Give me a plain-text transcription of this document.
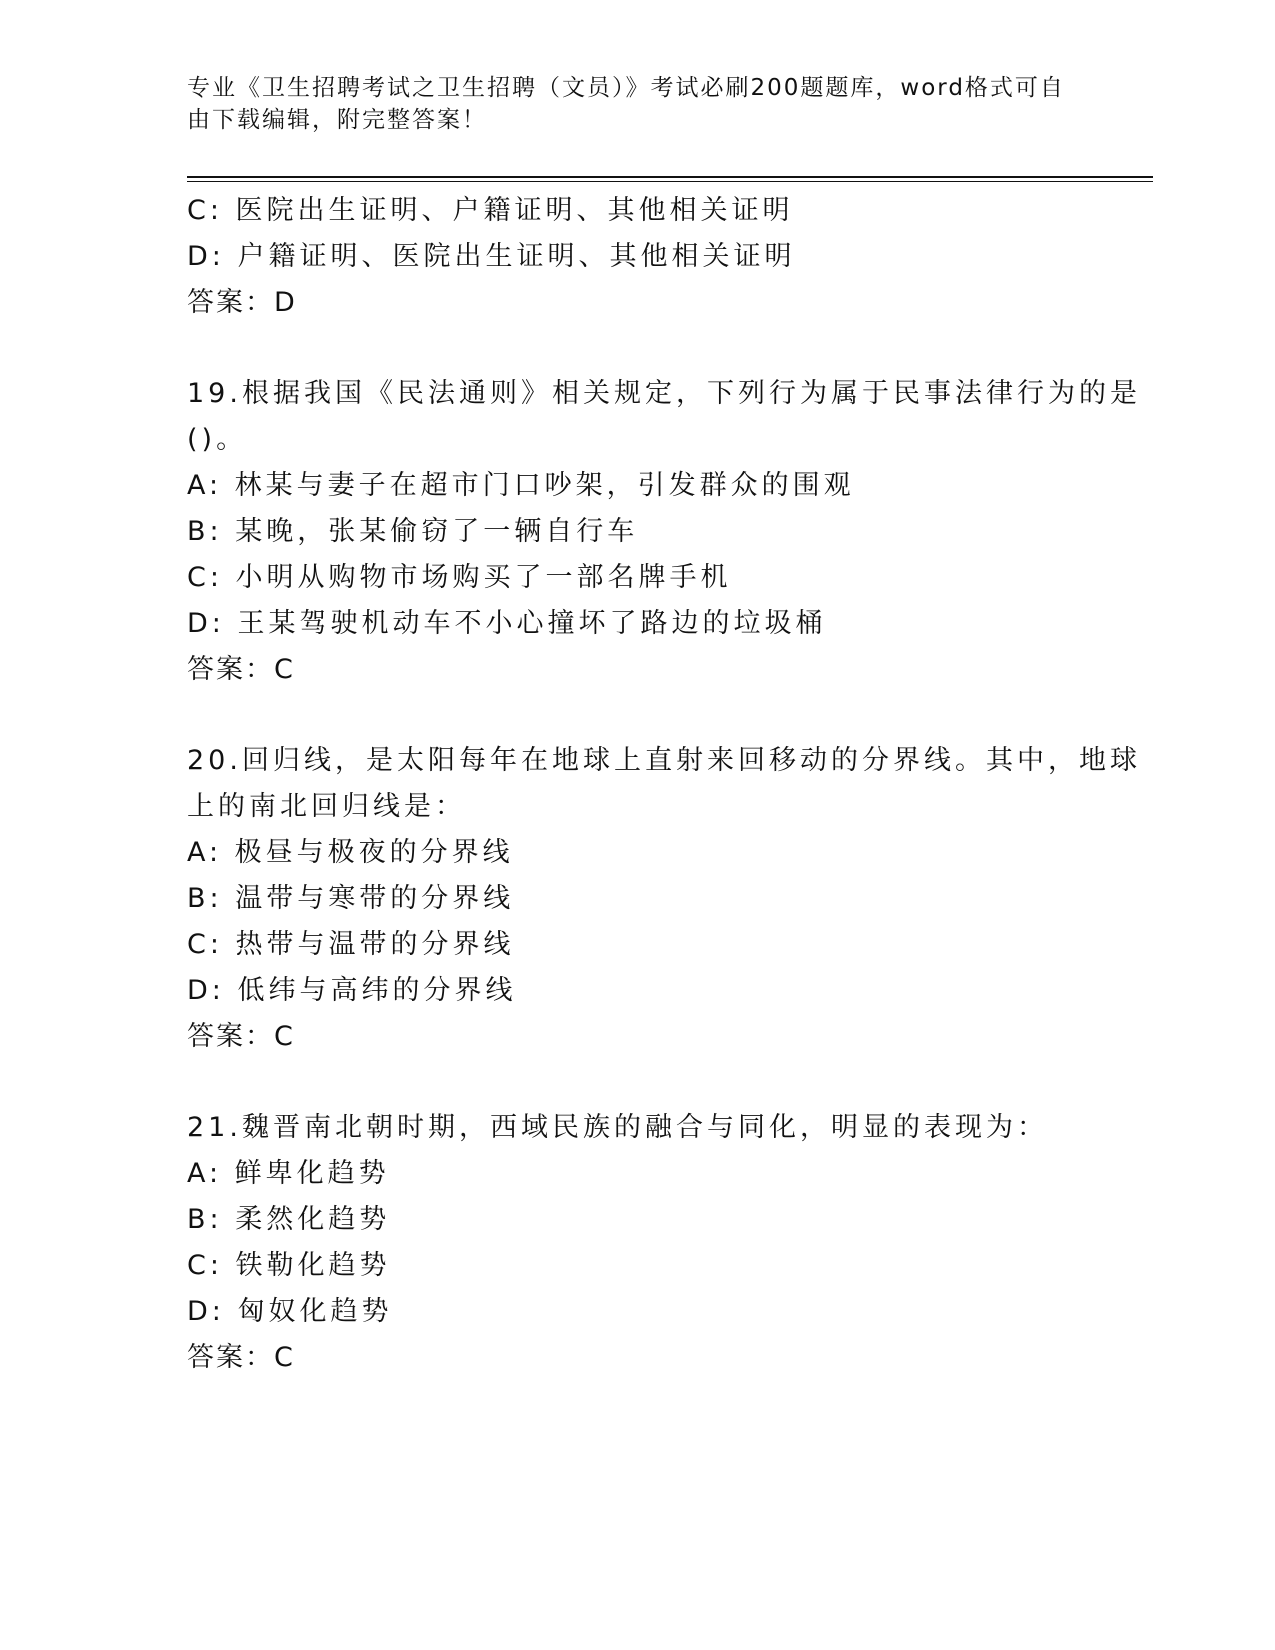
专业《卫生招聘考试之卫生招聘（文员）》考试必刷200题题库，word格式可自
由下载编辑，附完整答案！
C: 医院出生证明、户籍证明、其他相关证明
D: 户籍证明、医院出生证明、其他相关证明
答案：D
19.根据我国《民法通则》相关规定，下列行为属于民事法律行为的是
()。
A: 林某与妻子在超市门口吵架，引发群众的围观
B: 某晚，张某偷窃了一辆自行车
C: 小明从购物市场购买了一部名牌手机
D: 王某驾驶机动车不小心撞坏了路边的垃圾桶
答案：C
20.回归线，是太阳每年在地球上直射来回移动的分界线。其中，地球
上的南北回归线是：
A: 极昼与极夜的分界线
B: 温带与寒带的分界线
C: 热带与温带的分界线
D: 低纬与高纬的分界线
答案：C
21.魏晋南北朝时期，西域民族的融合与同化，明显的表现为：
A: 鲜卑化趋势
B: 柔然化趋势
C: 铁勒化趋势
D: 匈奴化趋势
答案：C
